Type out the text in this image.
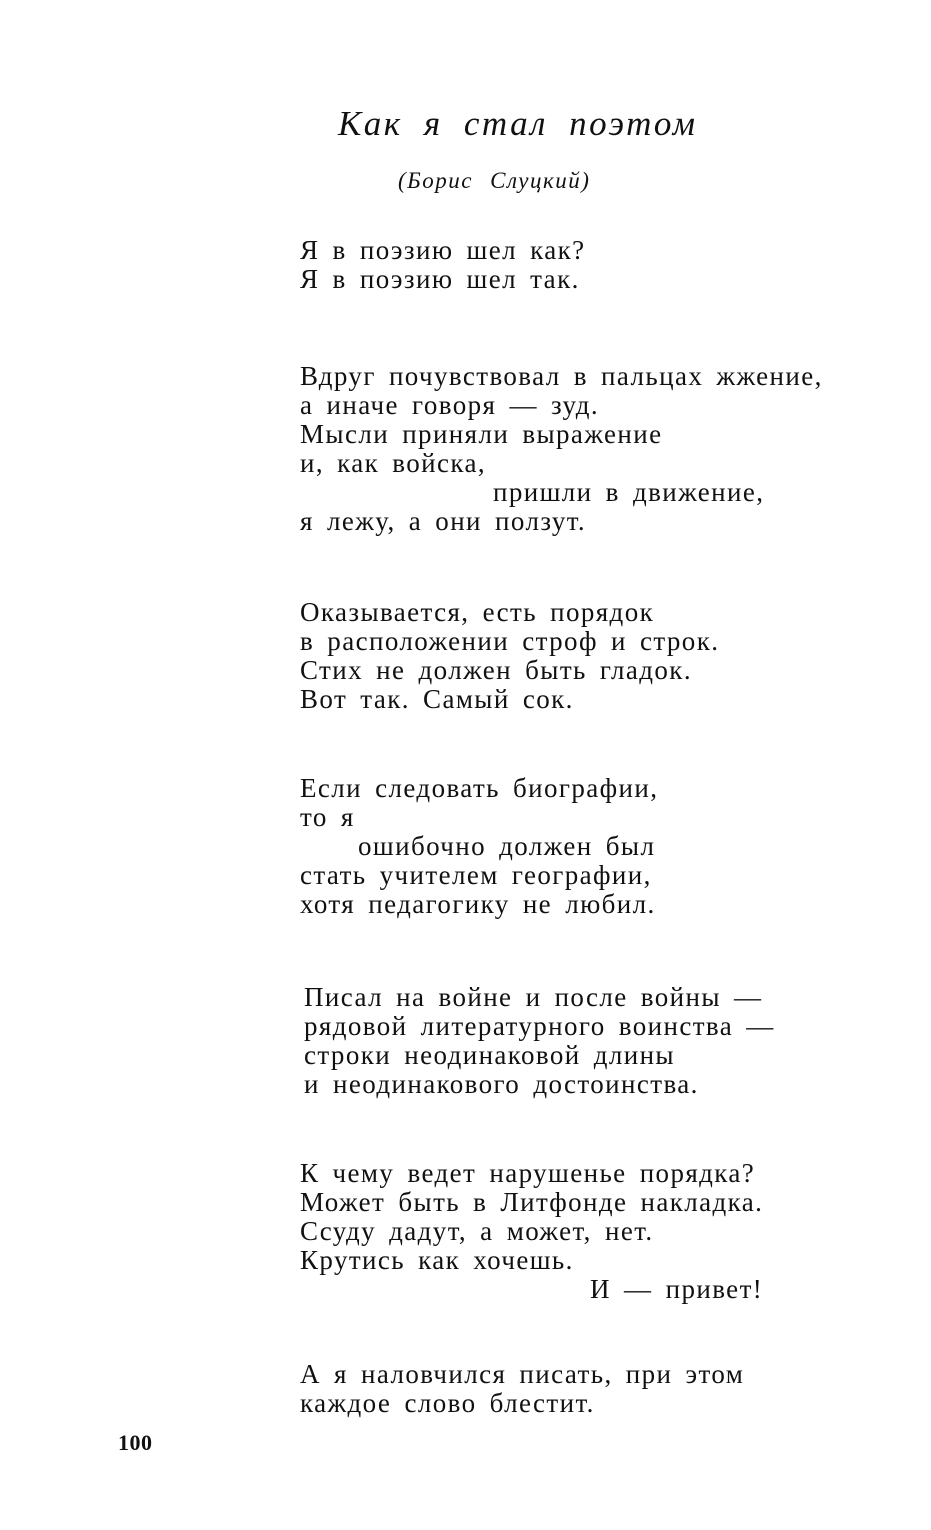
Как я стал поэтом
(Борис Слуцкий)
Я в поэзию шел как?
Я в поэзию шел так.
Вдруг почувствовал в пальцах жжение,
а иначе говоря — зуд.
Мысли приняли выражение
и, как войска,
пришли в движение,
я лежу, а они ползут.
Оказывается, есть порядок
в расположении строф и строк.
Стих не должен быть гладок.
Вот так. Самый сок.
Если следовать биографии,
то я
ошибочно должен был
стать учителем географии,
хотя педагогику не любил.
Писал на войне и после войны —
рядовой литературного воинства —
строки неодинаковой длины
и неодинакового достоинства.
К чему ведет нарушенье порядка?
Может быть в Литфонде накладка.
Ссуду дадут, а может, нет.
Крутись как хочешь.
И — привет!
А я наловчился писать, при этом
каждое слово блестит.
100
